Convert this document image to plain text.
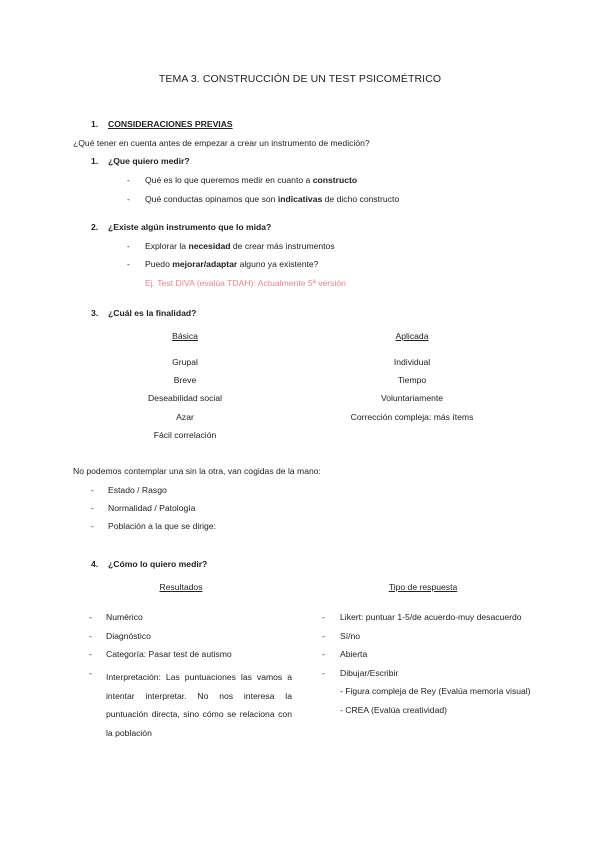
TEMA 3. CONSTRUCCIÓN DE UN TEST PSICOMÉTRICO
1. CONSIDERACIONES PREVIAS
¿Qué tener en cuenta antes de empezar a crear un instrumento de medición?
1. ¿Que quiero medir?
- Qué es lo que queremos medir en cuanto a constructo
- Qué conductas opinamos que son indicativas de dicho constructo
2. ¿Existe algún instrumento que lo mida?
- Explorar la necesidad de crear más instrumentos
- Puedo mejorar/adaptar alguno ya existente?
Ej. Test DIVA (evalúa TDAH): Actualmente 5ª versión
3. ¿Cuál es la finalidad?
Básica
Grupal
Breve
Deseabilidad social
Azar
Fácil correlación
Aplicada
Individual
Tiempo
Voluntariamente
Corrección compleja: más ítems
No podemos contemplar una sin la otra, van cogidas de la mano:
- Estado / Rasgo
- Normalidad / Patología
- Población a la que se dirige:
4. ¿Cómo lo quiero medir?
Resultados	Tipo de respuesta
- Numérico
- Diagnóstico
- Categoría: Pasar test de autismo
- Interpretación: Las puntuaciones las vamos a intentar interpretar. No nos interesa la puntuación directa, sino cómo se relaciona con la población
- Likert: puntuar 1-5/de acuerdo-muy desacuerdo
- Sí/no
- Abierta
- Dibujar/Escribir
- Figura compleja de Rey (Evalúa memoria visual)
- CREA (Evalúa creatividad)
